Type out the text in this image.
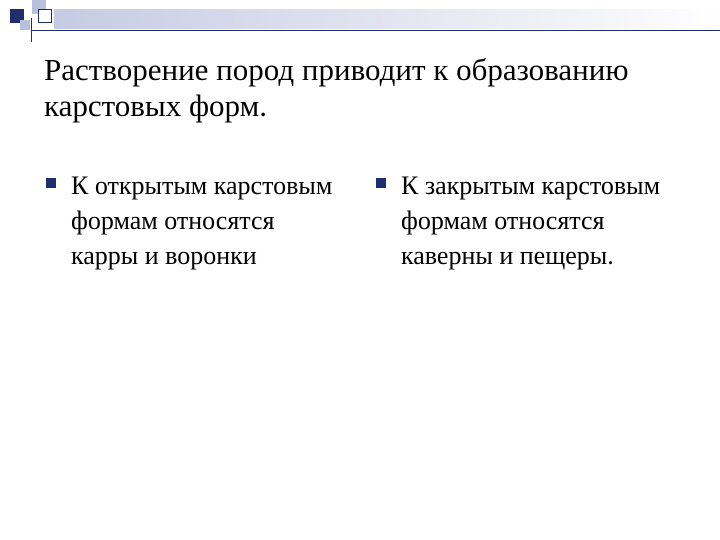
Растворение пород приводит к образованию карстовых форм.
К открытым карстовым формам относятся карры и воронки
К закрытым карстовым формам относятся каверны и пещеры.
